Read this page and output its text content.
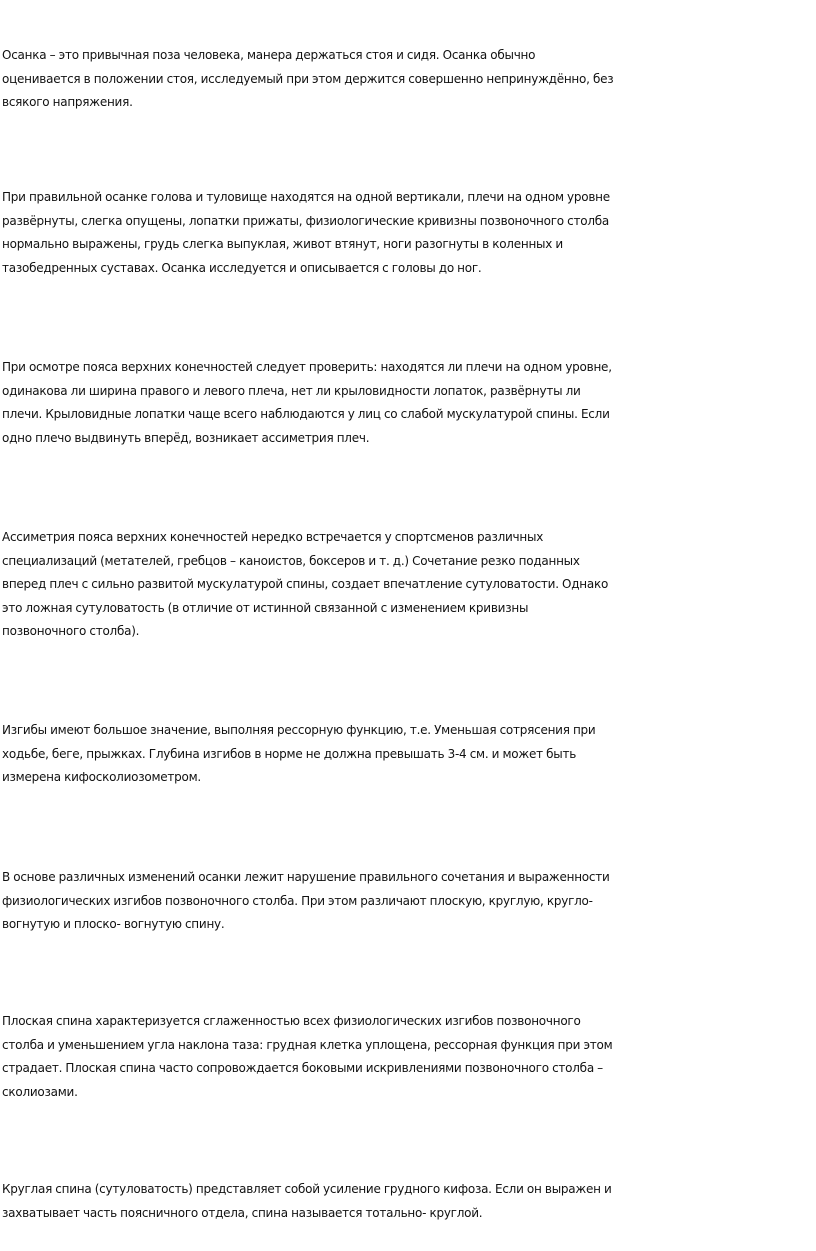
Осанка – это привычная поза человека, манера держаться стоя и сидя. Осанка обычно
оценивается в положении стоя, исследуемый при этом держится совершенно непринуждённо, без
всякого напряжения.

При правильной осанке голова и туловище находятся на одной вертикали, плечи на одном уровне
развёрнуты, слегка опущены, лопатки прижаты, физиологические кривизны позвоночного столба
нормально выражены, грудь слегка выпуклая, живот втянут, ноги разогнуты в коленных и
тазобедренных суставах. Осанка исследуется и описывается с головы до ног.

При осмотре пояса верхних конечностей следует проверить: находятся ли плечи на одном уровне,
одинакова ли ширина правого и левого плеча, нет ли крыловидности лопаток, развёрнуты ли
плечи. Крыловидные лопатки чаще всего наблюдаются у лиц со слабой мускулатурой спины. Если
одно плечо выдвинуть вперёд, возникает ассиметрия плеч.

Ассиметрия пояса верхних конечностей нередко встречается у спортсменов различных
специализаций (метателей, гребцов – каноистов, боксеров и т. д.) Сочетание резко поданных
вперед плеч с сильно развитой мускулатурой спины, создает впечатление сутуловатости. Однако
это ложная сутуловатость (в отличие от истинной связанной с изменением кривизны
позвоночного столба).

Изгибы имеют большое значение, выполняя рессорную функцию, т.е. Уменьшая сотрясения при
ходьбе, беге, прыжках. Глубина изгибов в норме не должна превышать 3-4 см. и может быть
измерена кифосколиозометром.

В основе различных изменений осанки лежит нарушение правильного сочетания и выраженности
физиологических изгибов позвоночного столба. При этом различают плоскую, круглую, кругло-
вогнутую и плоско- вогнутую спину.

Плоская спина характеризуется сглаженностью всех физиологических изгибов позвоночного
столба и уменьшением угла наклона таза: грудная клетка уплощена, рессорная функция при этом
страдает. Плоская спина часто сопровождается боковыми искривлениями позвоночного столба –
сколиозами.

Круглая спина (сутуловатость) представляет собой усиление грудного кифоза. Если он выражен и
захватывает часть поясничного отдела, спина называется тотально- круглой.
